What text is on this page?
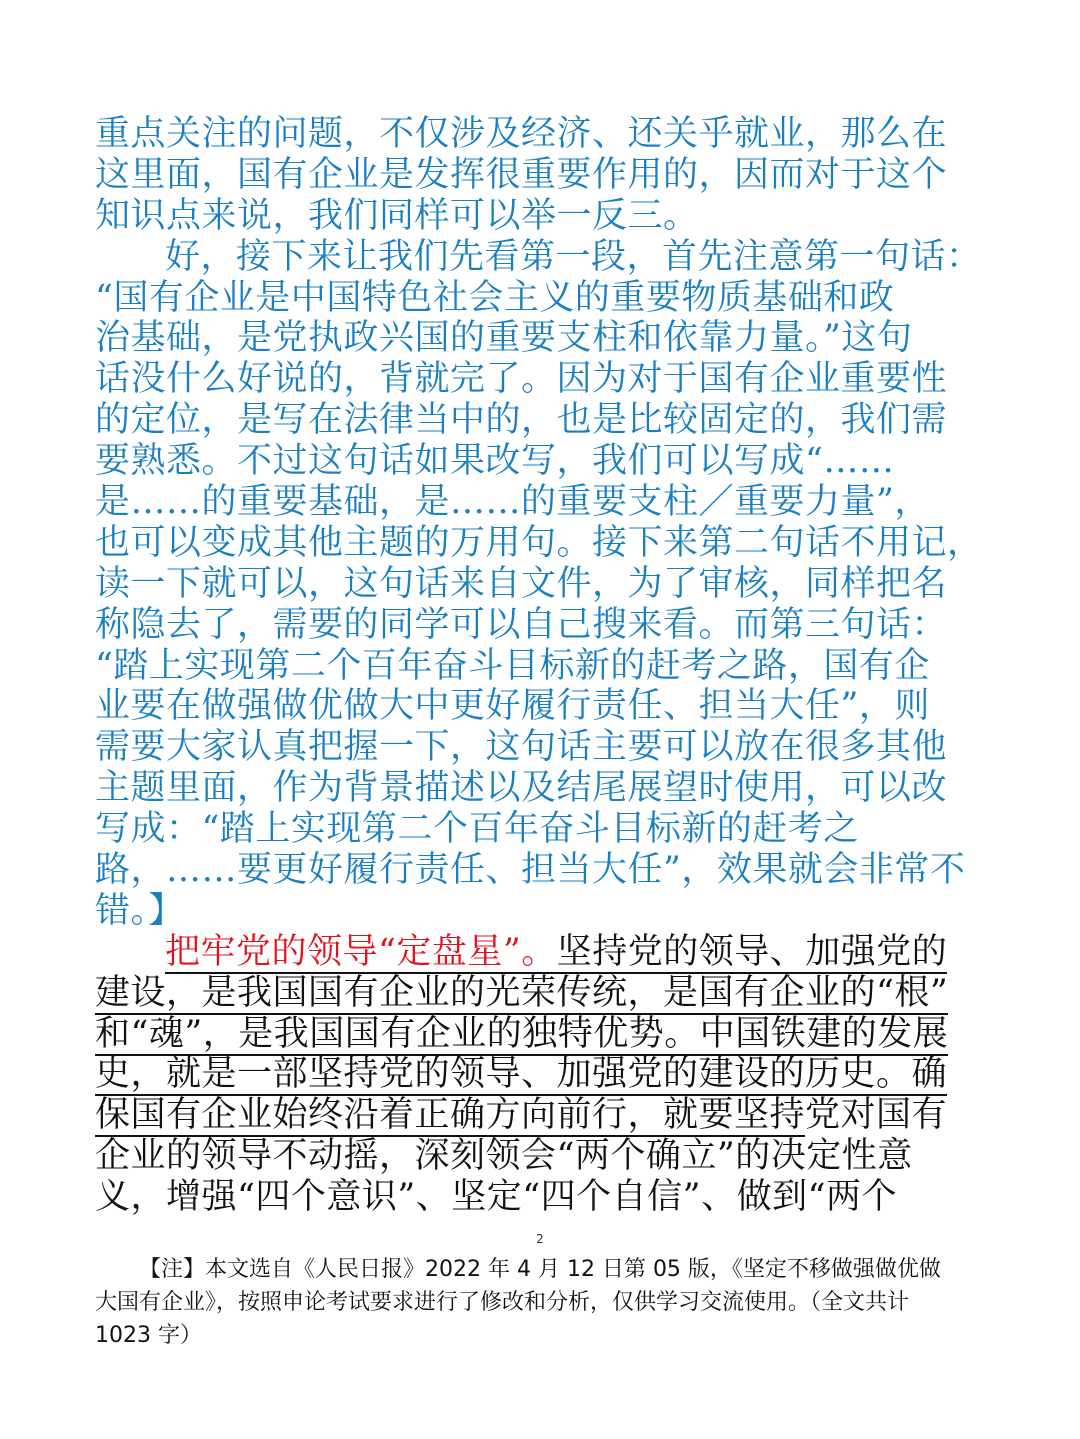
重点关注的问题，不仅涉及经济、还关乎就业，那么在
这里面，国有企业是发挥很重要作用的，因而对于这个
知识点来说，我们同样可以举一反三。
好，接下来让我们先看第一段，首先注意第一句话：
“国有企业是中国特色社会主义的重要物质基础和政
治基础，是党执政兴国的重要支柱和依靠力量。”这句
话没什么好说的，背就完了。因为对于国有企业重要性
的定位，是写在法律当中的，也是比较固定的，我们需
要熟悉。不过这句话如果改写，我们可以写成“……
是……的重要基础，是……的重要支柱／重要力量”，
也可以变成其他主题的万用句。接下来第二句话不用记，
读一下就可以，这句话来自文件，为了审核，同样把名
称隐去了，需要的同学可以自己搜来看。而第三句话：
“踏上实现第二个百年奋斗目标新的赶考之路，国有企
业要在做强做优做大中更好履行责任、担当大任”，则
需要大家认真把握一下，这句话主要可以放在很多其他
主题里面，作为背景描述以及结尾展望时使用，可以改
写成：“踏上实现第二个百年奋斗目标新的赶考之
路，……要更好履行责任、担当大任”，效果就会非常不
错。】
把牢党的领导“定盘星”。坚持党的领导、加强党的
建设，是我国国有企业的光荣传统，是国有企业的“根”
和“魂”，是我国国有企业的独特优势。中国铁建的发展
史，就是一部坚持党的领导、加强党的建设的历史。确
保国有企业始终沿着正确方向前行，就要坚持党对国有
企业的领导不动摇，深刻领会“两个确立”的决定性意
义，增强“四个意识”、坚定“四个自信”、做到“两个
2
【注】本文选自《人民日报》2022 年 4 月 12 日第 05 版，《坚定不移做强做优做
大国有企业》，按照申论考试要求进行了修改和分析，仅供学习交流使用。（全文共计
1023 字）
